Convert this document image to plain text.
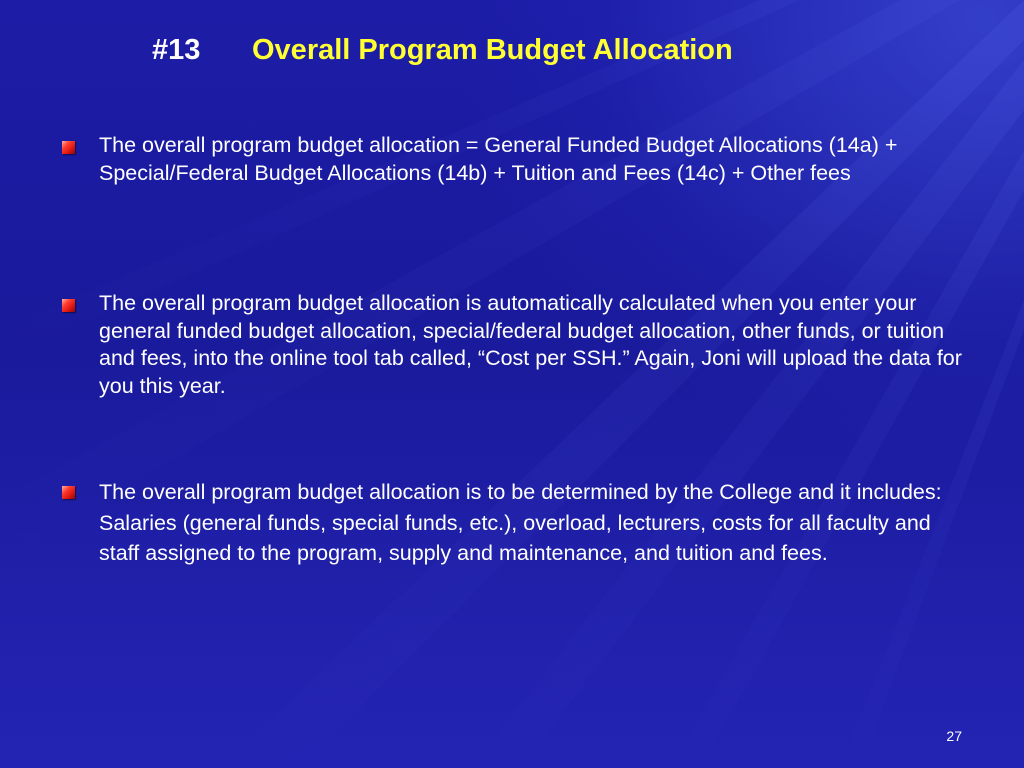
#13 Overall Program Budget Allocation
The overall program budget allocation = General Funded Budget Allocations (14a) + Special/Federal Budget Allocations (14b) + Tuition and Fees (14c) + Other fees
The overall program budget allocation is automatically calculated when you enter your general funded budget allocation, special/federal budget allocation, other funds, or tuition and fees, into the online tool tab called, “Cost per SSH.” Again, Joni will upload the data for you this year.
The overall program budget allocation is to be determined by the College and it includes: Salaries (general funds, special funds, etc.), overload, lecturers, costs for all faculty and staff assigned to the program, supply and maintenance, and tuition and fees.
27
